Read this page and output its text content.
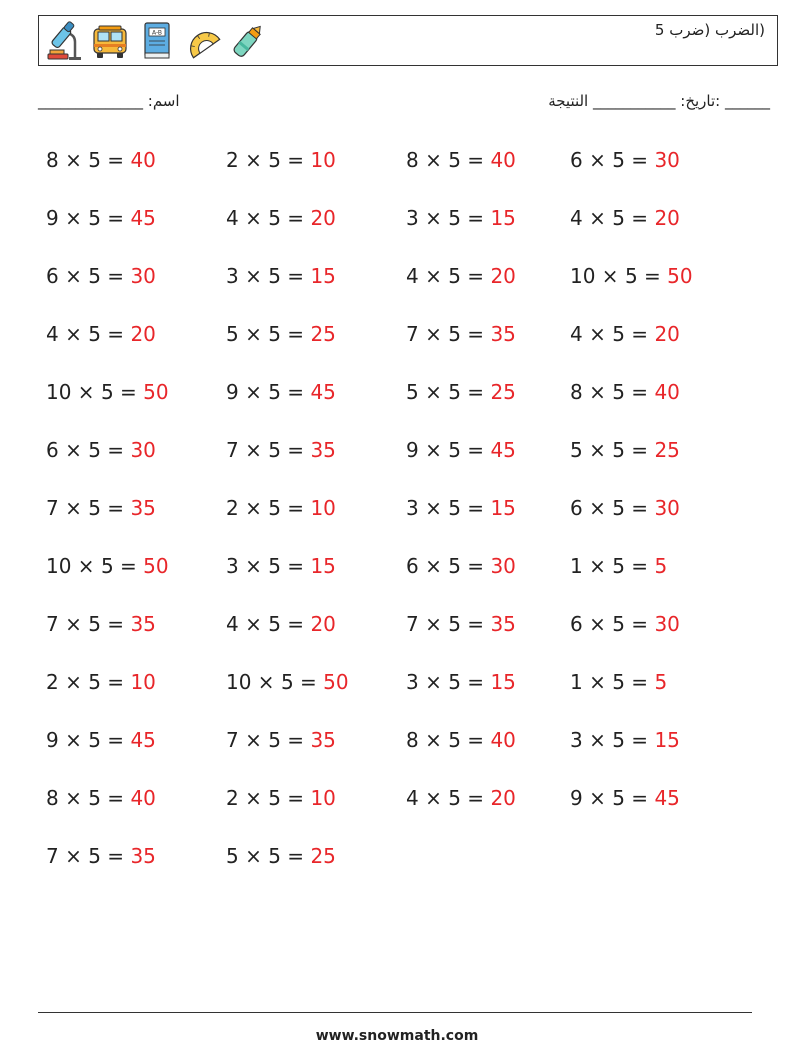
A-B	(الضرب (ضرب 5
اسم: ______________	______ :تاريخ: ___________ النتيجة
8 × 5 = 40	2 × 5 = 10	8 × 5 = 40	6 × 5 = 30
9 × 5 = 45	4 × 5 = 20	3 × 5 = 15	4 × 5 = 20
6 × 5 = 30	3 × 5 = 15	4 × 5 = 20	10 × 5 = 50
4 × 5 = 20	5 × 5 = 25	7 × 5 = 35	4 × 5 = 20
10 × 5 = 50	9 × 5 = 45	5 × 5 = 25	8 × 5 = 40
6 × 5 = 30	7 × 5 = 35	9 × 5 = 45	5 × 5 = 25
7 × 5 = 35	2 × 5 = 10	3 × 5 = 15	6 × 5 = 30
10 × 5 = 50	3 × 5 = 15	6 × 5 = 30	1 × 5 = 5
7 × 5 = 35	4 × 5 = 20	7 × 5 = 35	6 × 5 = 30
2 × 5 = 10	10 × 5 = 50	3 × 5 = 15	1 × 5 = 5
9 × 5 = 45	7 × 5 = 35	8 × 5 = 40	3 × 5 = 15
8 × 5 = 40	2 × 5 = 10	4 × 5 = 20	9 × 5 = 45
7 × 5 = 35	5 × 5 = 25
www.snowmath.com
